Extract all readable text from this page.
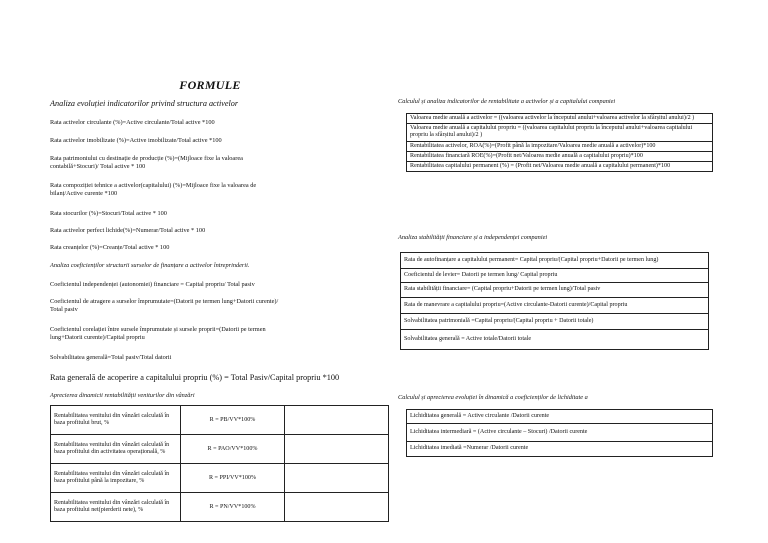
FORMULE
Analiza evoluției indicatorilor privind structura activelor
Rata activelor circulante (%)=Active circulante/Total active *100
Rata activelor imobilizate (%)=Active imobilizate/Total active *100
Rata patrimoniului cu destinație de producție (%)=(Mijloace fixe la valoarea contabilă+Stocuri)/ Total active * 100
Rata compoziției tehnice a activelor(capitalului) (%)=Mijloace fixe la valoarea de bilanț/Active curente *100
Rata stocurilor (%)=Stocuri/Total active * 100
Rata activelor perfect lichide(%)=Numerar/Total active * 100
Rata creanțelor (%)=Creanțe/Total active * 100
Analiza coeficienților structurii surselor de finanțare a activelor întreprinderii.
Coeficientul independenței (autonomiei) financiare = Capital propriu/ Total pasiv
Coeficientul de atragere a surselor împrumutate=(Datorii pe termen lung+Datorii curente)/ Total pasiv
Coeficientul corelației între sursele împrumutate și sursele proprii=(Datorii pe termen lung+Datorii curente)/Capital propriu
Solvabilitatea generală=Total pasiv/Total datorii
Rata generală de acoperire a capitalului propriu (%) = Total Pasiv/Capital propriu *100
Aprecierea dinamicii rentabilității veniturilor din vânzări
Rentabilitatea venitului din vânzări calculată în baza profitului brut, %	R = PB/VV*100%	
Rentabilitatea venitului din vânzări calculată în baza profitului din activitatea operațională, %	R = PAO/VV*100%	
Rentabilitatea venitului din vânzări calculată în baza profitului până la impozitare, %	R = PPI/VV*100%	
Rentabilitatea venitului din vânzări calculată în baza profitului net(pierderii nete), %	R = PN/VV*100%	
Calculul și analiza indicatorilor de rentabilitate a activelor și a capitalului companiei
Valoarea medie anuală a activelor = ((valoarea activelor la începutul anului+valoarea activelor la sfârșitul anului)/2 )
Valoarea medie anuală a capitalului propriu = ((valoarea capitalului propriu la începutul anului+valoarea capitalului propriu la sfârșitul anului)/2 )
Rentabilitatea activelor, ROA(%)=(Profit până la impozitare/Valoarea medie anuală a activelor)*100
Rentabilitatea financiară ROE(%)=(Profit net/Valoarea medie anuală a capitalului propriu)*100
Rentabilitatea capitalului permanent (%) = (Profit net/Valoarea medie anuală a capitalului permanent)*100
Analiza stabilității financiare și a independenței companiei
Rata de autofinanțare a capitalului permanent= Capital propriu/(Capital propriu+Datorii pe termen lung)
Coeficientul de levier= Datorii pe termen lung/ Capital propriu
Rata stabilității financiare= (Capital propriu+Datorii pe termen lung)/Total pasiv
Rata de manevrare a capitalului propriu=(Active circulante-Datorii curente)/Capital propriu
Solvabilitatea patrimonială =Capital propriu/(Capital propriu + Datorii totale)
Solvabilitatea generală = Active totale/Datorii totale
Calculul și aprecierea evoluției în dinamică a coeficienților de lichiditate a
Lichiditatea generală = Active circulante /Datorii curente
Lichiditatea intermediară = (Active circulante – Stocuri) /Datorii curente
Lichiditatea imediată =Numerar /Datorii curente
